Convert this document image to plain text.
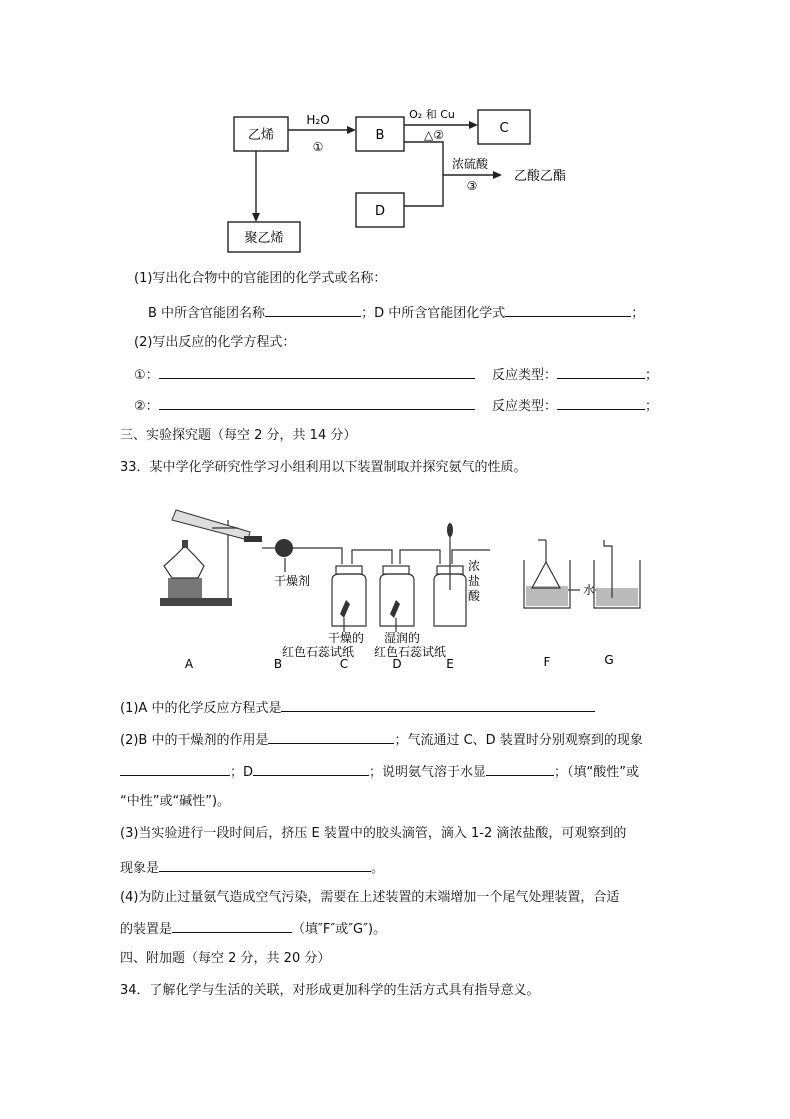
乙烯	B	C
D
聚乙烯
H₂O
①
O₂ 和 Cu
△②
浓硫酸
③
乙酸乙酯
(1)写出化合物中的官能团的化学式或名称：
B 中所含官能团名称	；D 中所含官能团化学式	；
(2)写出反应的化学方程式：
①：	反应类型：	；
②：	反应类型：	；
三、实验探究题（每空 2 分，共 14 分）
33．某中学化学研究性学习小组利用以下装置制取并探究氨气的性质。
干燥剂
浓
盐
酸
干燥的
红色石蕊试纸
湿润的
红色石蕊试纸
水
A	B	C	D	E	F	G
(1)A 中的化学反应方程式是
(2)B 中的干燥剂的作用是	；气流通过 C、D 装置时分别观察到的现象
；D	；说明氨气溶于水显	；（填“酸性”或
“中性”或“碱性”)。
(3)当实验进行一段时间后，挤压 E 装置中的胶头滴管，滴入 1-2 滴浓盐酸，可观察到的
现象是	。
(4)为防止过量氨气造成空气污染，需要在上述装置的末端增加一个尾气处理装置，合适
的装置是	（填″F″或″G″)。
四、附加题（每空 2 分，共 20 分）
34．了解化学与生活的关联，对形成更加科学的生活方式具有指导意义。
